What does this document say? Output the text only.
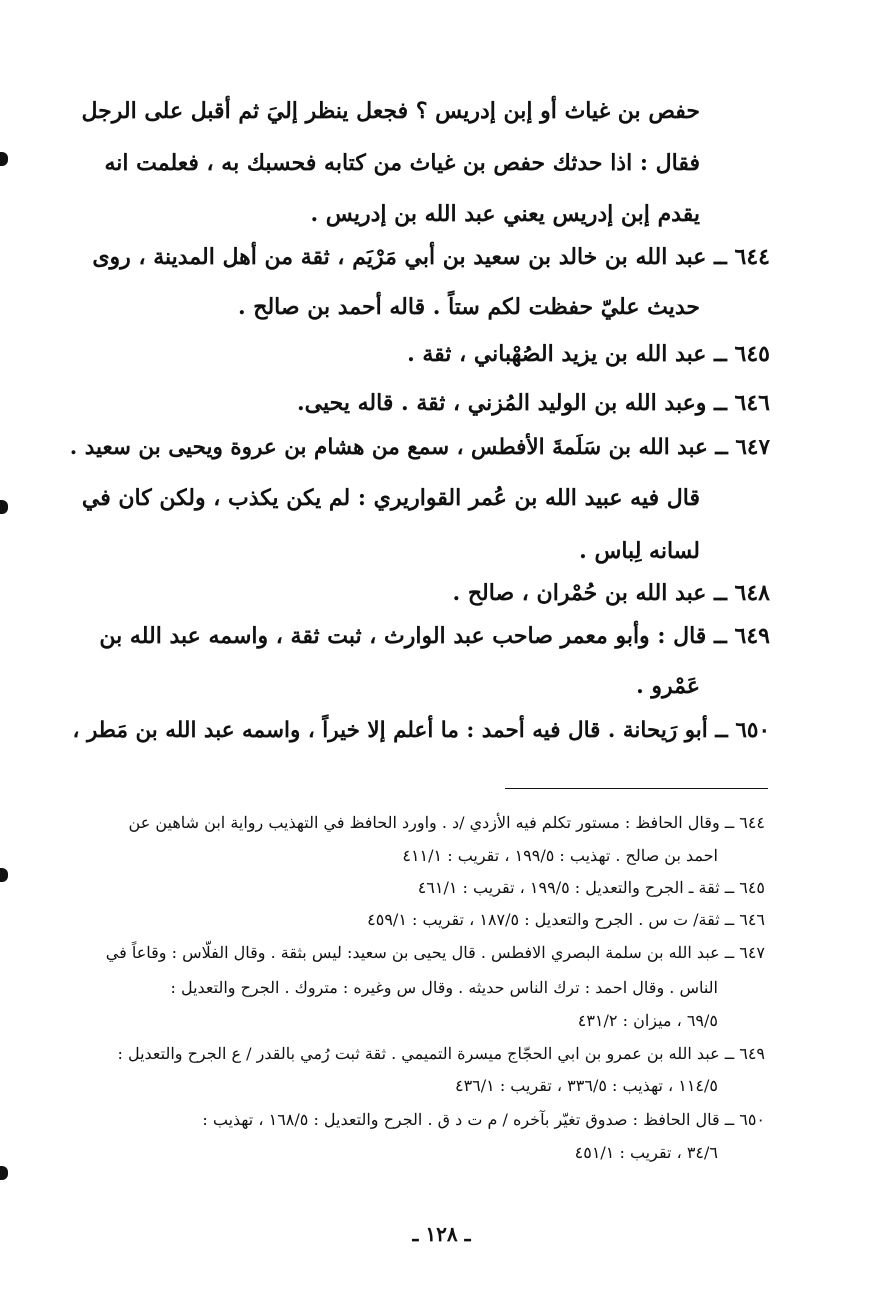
حفص بن غياث أو إبن إدريس ؟ فجعل ينظر إليَ ثم أقبل على الرجل
فقال : اذا حدثك حفص بن غياث من كتابه فحسبك به ، فعلمت انه
يقدم إبن إدريس يعني عبد الله بن إدريس .
٦٤٤ ــ عبد الله بن خالد بن سعيد بن أبي مَرْيَم ، ثقة من أهل المدينة ، روى
حديث عليّ حفظت لكم ستاً . قاله أحمد بن صالح .
٦٤٥ ــ عبد الله بن يزيد الصُهْباني ، ثقة .
٦٤٦ ــ وعبد الله بن الوليد المُزني ، ثقة . قاله يحيى.
٦٤٧ ــ عبد الله بن سَلَمةَ الأفطس ، سمع من هشام بن عروة ويحيى بن سعيد .
قال فيه عبيد الله بن عُمر القواريري : لم يكن يكذب ، ولكن كان في
لسانه لِباس .
٦٤٨ ــ عبد الله بن حُمْران ، صالح .
٦٤٩ ــ قال : وأبو معمر صاحب عبد الوارث ، ثبت ثقة ، واسمه عبد الله بن
عَمْرو .
٦٥٠ ــ أبو رَيحانة . قال فيه أحمد : ما أعلم إلا خيراً ، واسمه عبد الله بن مَطر ،
٦٤٤ ــ وقال الحافظ : مستور تكلم فيه الأزدي /د . واورد الحافظ في التهذيب رواية ابن شاهين عن
احمد بن صالح . تهذيب : ١٩٩/٥ ، تقريب : ٤١١/١
٦٤٥ ــ ثقة ـ الجرح والتعديل : ١٩٩/٥ ، تقريب : ٤٦١/١
٦٤٦ ــ ثقة/ ت س . الجرح والتعديل : ١٨٧/٥ ، تقريب : ٤٥٩/١
٦٤٧ ــ عبد الله بن سلمة البصري الافطس . قال يحيى بن سعيد: ليس بثقة . وقال الفلّاس : وقاعاً في
الناس . وقال احمد : ترك الناس حديثه . وقال س وغيره : متروك . الجرح والتعديل :
٦٩/٥ ، ميزان : ٤٣١/٢
٦٤٩ ــ عبد الله بن عمرو بن ابي الحجّاج ميسرة التميمي . ثقة ثبت رُمي بالقدر / ع الجرح والتعديل :
١١٤/٥ ، تهذيب : ٣٣٦/٥ ، تقريب : ٤٣٦/١
٦٥٠ ــ قال الحافظ : صدوق تغيّر بآخره / م ت د ق . الجرح والتعديل : ١٦٨/٥ ، تهذيب :
٣٤/٦ ، تقريب : ٤٥١/١
ـ ١٢٨ ـ
